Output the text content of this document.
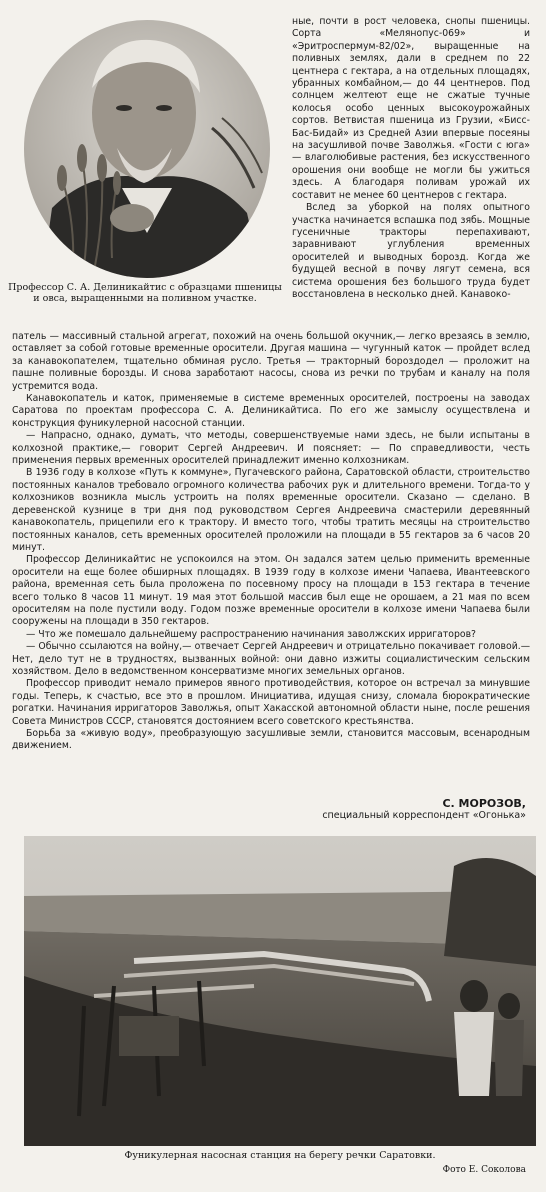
Профессор С. А. Делиникайтис с образцами пшеницы и овса, выращенными на поливном участке.

ные, почти в рост человека, снопы пшеницы. Сорта «Мелянопус-069» и «Эритроспермум-82/02», выращенные на поливных землях, дали в среднем по 22 центнера с гектара, а на отдельных площадях, убранных комбайном,— до 44 центнеров. Под солнцем желтеют еще не сжатые тучные колосья особо ценных высокоурожайных сортов. Ветвистая пшеница из Грузии, «Бисс-Бас-Бидай» из Средней Азии впервые посеяны на засушливой почве Заволжья. «Гости с юга» — влаголюбивые растения, без искусственного орошения они вообще не могли бы ужиться здесь. А благодаря поливам урожай их составит не менее 60 центнеров с гектара.

Вслед за уборкой на полях опытного участка начинается вспашка под зябь. Мощные гусеничные тракторы перепахивают, заравнивают углубления временных оросителей и выводных борозд. Когда же будущей весной в почву лягут семена, вся система орошения без большого труда будет восстановлена в несколько дней. Канавоко-

патель — массивный стальной агрегат, похожий на очень большой окучник,— легко врезаясь в землю, оставляет за собой готовые временные оросители. Другая машина — чугунный каток — пройдет вслед за канавокопателем, тщательно обминая русло. Третья — тракторный бороздодел — проложит на пашне поливные борозды. И снова заработают насосы, снова из речки по трубам и каналу на поля устремится вода.

Канавокопатель и каток, применяемые в системе временных оросителей, построены на заводах Саратова по проектам профессора С. А. Делиникайтиса. По его же замыслу осуществлена и конструкция фуникулерной насосной станции.

— Напрасно, однако, думать, что методы, совершенствуемые нами здесь, не были испытаны в колхозной практике,— говорит Сергей Андреевич. И поясняет: — По справедливости, честь применения первых временных оросителей принадлежит именно колхозникам.

В 1936 году в колхозе «Путь к коммуне», Пугачевского района, Саратовской области, строительство постоянных каналов требовало огромного количества рабочих рук и длительного времени. Тогда-то у колхозников возникла мысль устроить на полях временные оросители. Сказано — сделано. В деревенской кузнице в три дня под руководством Сергея Андреевича смастерили деревянный канавокопатель, прицепили его к трактору. И вместо того, чтобы тратить месяцы на строительство постоянных каналов, сеть временных оросителей проложили на площади в 55 гектаров за 6 часов 20 минут.

Профессор Делиникайтис не успокоился на этом. Он задался затем целью применить временные оросители на еще более обширных площадях. В 1939 году в колхозе имени Чапаева, Ивантеевского района, временная сеть была проложена по посевному просу на площади в 153 гектара в течение всего только 8 часов 11 минут. 19 мая этот большой массив был еще не орошаем, а 21 мая по всем оросителям на поле пустили воду. Годом позже временные оросители в колхозе имени Чапаева были сооружены на площади в 350 гектаров.

— Что же помешало дальнейшему распространению начинания заволжских ирригаторов?

— Обычно ссылаются на войну,— отвечает Сергей Андреевич и отрицательно покачивает головой.— Нет, дело тут не в трудностях, вызванных войной: они давно изжиты социалистическим сельским хозяйством. Дело в ведомственном консерватизме многих земельных органов.

Профессор приводит немало примеров явного противодействия, которое он встречал за минувшие годы. Теперь, к счастью, все это в прошлом. Инициатива, идущая снизу, сломала бюрократические рогатки. Начинания ирригаторов Заволжья, опыт Хакасской автономной области ныне, после решения Совета Министров СССР, становятся достоянием всего советского крестьянства.

Борьба за «живую воду», преобразующую засушливые земли, становится массовым, всенародным движением.

С. МОРОЗОВ,
специальный корреспондент «Огонька»
Фуникулерная насосная станция на берегу речки Саратовки.
Фото Е. Соколова
